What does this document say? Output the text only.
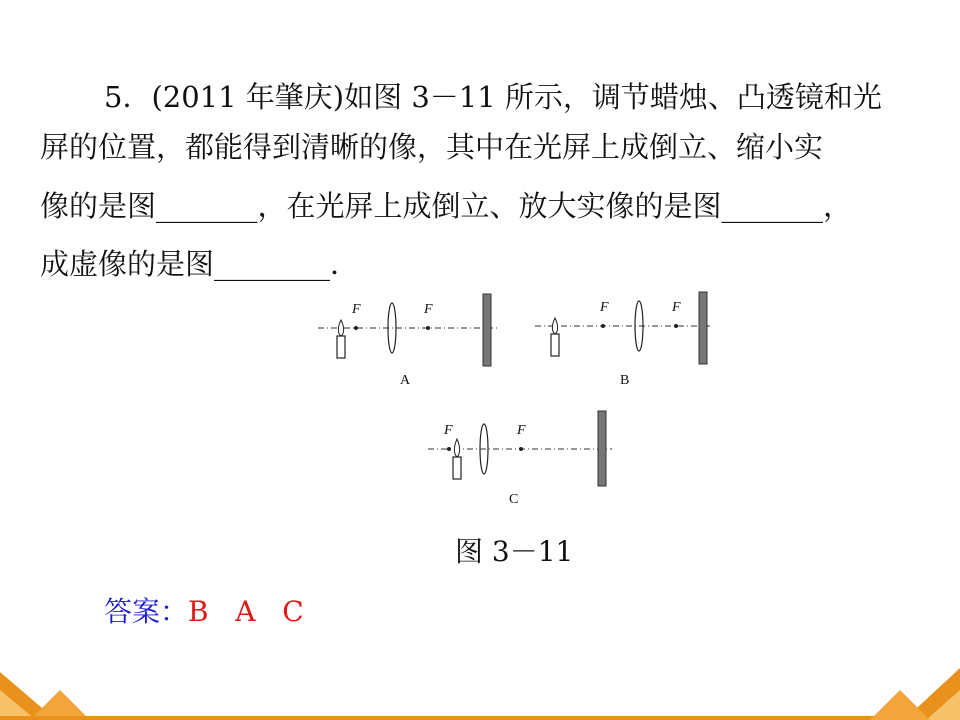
5．(2011 年肇庆)如图 3－11 所示，调节蜡烛、凸透镜和光
屏的位置，都能得到清晰的像，其中在光屏上成倒立、缩小实
像的是图_______，在光屏上成倒立、放大实像的是图_______，
成虚像的是图________．
F	F
A
F	F
B
F	F
C
图 3－11
答案：B   A   C
